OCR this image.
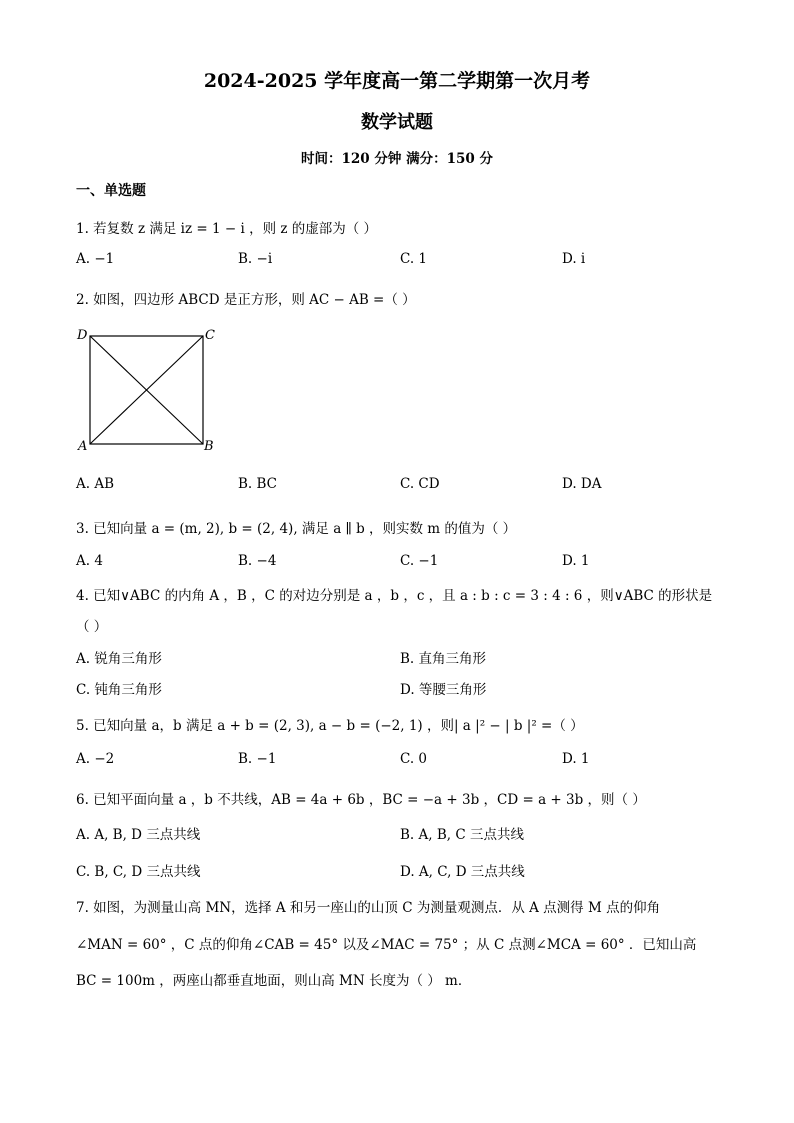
2024-2025 学年度高一第二学期第一次月考
数学试题
时间：120 分钟 满分：150 分
一、单选题
1. 若复数 z 满足 iz = 1 − i ，则 z 的虚部为（ ）
A. −1	B. −i	C. 1	D. i
2. 如图，四边形 ABCD 是正方形，则 AC − AB =（ ）
D	C
A	B
A. AB	B. BC	C. CD	D. DA
3. 已知向量 a = (m, 2), b = (2, 4), 满足 a ∥ b ，则实数 m 的值为（ ）
A. 4	B. −4	C. −1	D. 1
4. 已知∨ABC 的内角 A ，B ，C 的对边分别是 a ，b ，c ，且 a : b : c = 3 : 4 : 6 ，则∨ABC 的形状是
（ ）
A. 锐角三角形	B. 直角三角形
C. 钝角三角形	D. 等腰三角形
5. 已知向量 a，b 满足 a + b = (2, 3), a − b = (−2, 1) ，则| a |² − | b |² =（ ）
A. −2	B. −1	C. 0	D. 1
6. 已知平面向量 a ，b 不共线，AB = 4a + 6b ，BC = −a + 3b ，CD = a + 3b ，则（ ）
A. A, B, D 三点共线	B. A, B, C 三点共线
C. B, C, D 三点共线	D. A, C, D 三点共线
7. 如图，为测量山高 MN，选择 A 和另一座山的山顶 C 为测量观测点．从 A 点测得 M 点的仰角
∠MAN = 60° ，C 点的仰角∠CAB = 45° 以及∠MAC = 75° ；从 C 点测∠MCA = 60° ．已知山高
BC = 100m ，两座山都垂直地面，则山高 MN 长度为（ ） m．
